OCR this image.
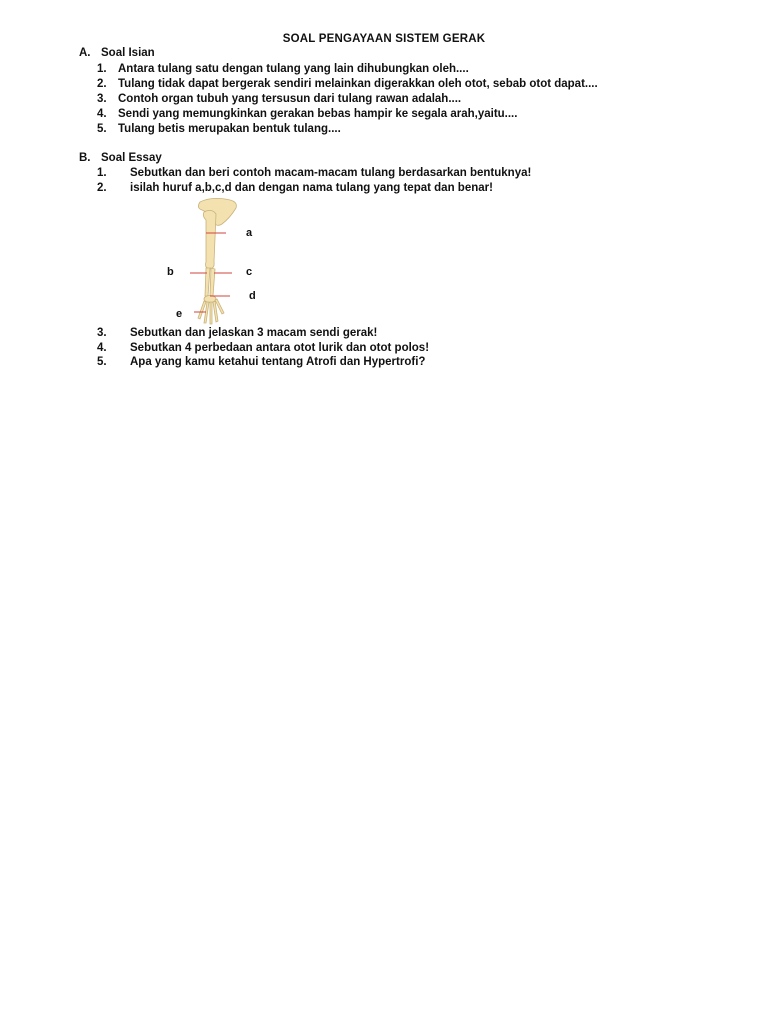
SOAL PENGAYAAN SISTEM GERAK
A. Soal Isian
1. Antara tulang satu dengan tulang yang lain dihubungkan oleh....
2. Tulang tidak dapat bergerak sendiri melainkan digerakkan oleh otot, sebab otot dapat....
3. Contoh organ tubuh yang tersusun dari tulang rawan adalah....
4. Sendi yang memungkinkan gerakan bebas hampir ke segala arah,yaitu....
5. Tulang betis merupakan bentuk tulang....
B. Soal Essay
1. Sebutkan dan beri contoh macam-macam tulang berdasarkan bentuknya!
2. isilah huruf a,b,c,d dan dengan nama tulang yang tepat dan benar!
a
b	c
d
e
3. Sebutkan dan jelaskan 3 macam sendi gerak!
4. Sebutkan 4 perbedaan antara otot lurik dan otot polos!
5. Apa yang kamu ketahui tentang Atrofi dan Hypertrofi?
